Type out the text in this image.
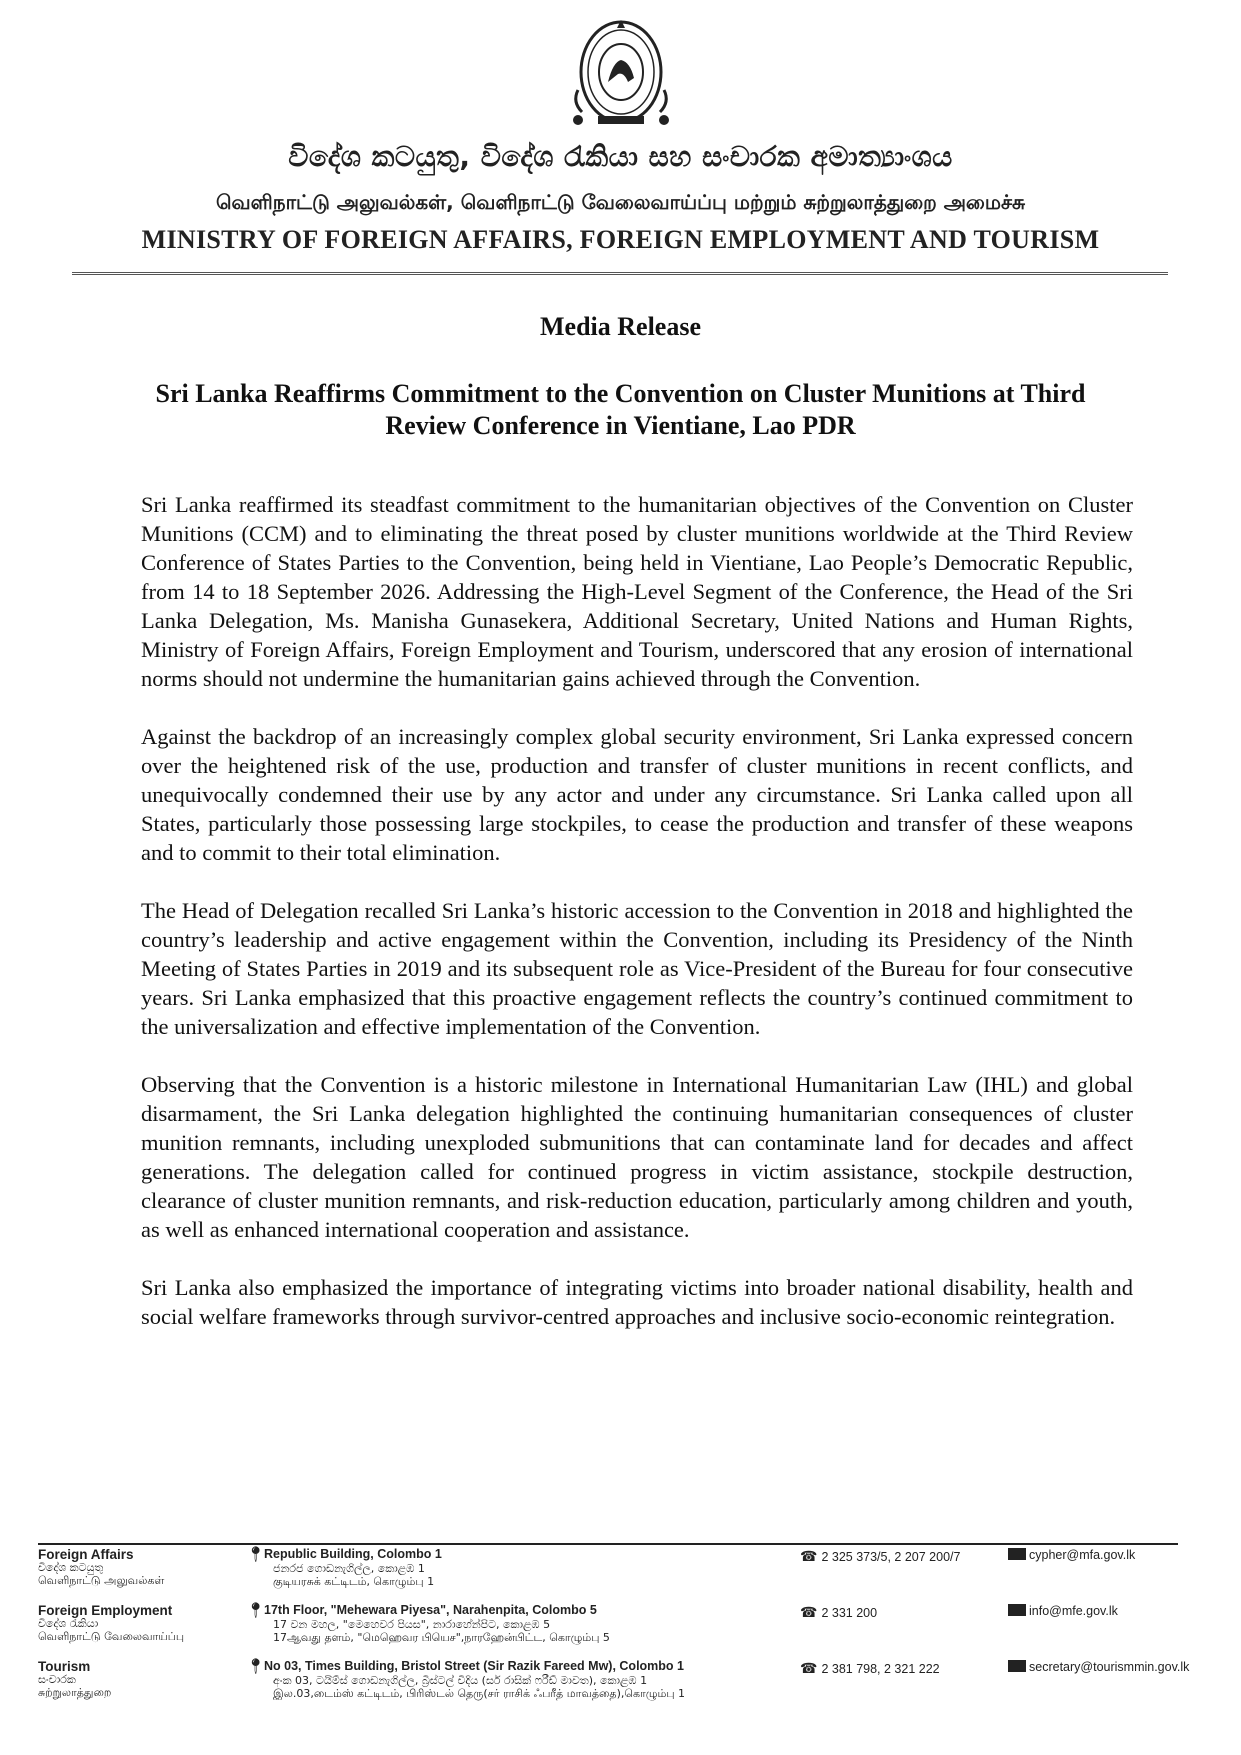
විදේශ කටයුතු, විදේශ රැකියා සහ සංචාරක අමාත්‍යාංශය
வெளிநாட்டு அலுவல்கள், வெளிநாட்டு வேலைவாய்ப்பு மற்றும் சுற்றுலாத்துறை அமைச்சு
MINISTRY OF FOREIGN AFFAIRS, FOREIGN EMPLOYMENT AND TOURISM
Media Release
Sri Lanka Reaffirms Commitment to the Convention on Cluster Munitions at Third Review Conference in Vientiane, Lao PDR

Sri Lanka reaffirmed its steadfast commitment to the humanitarian objectives of the Convention on Cluster Munitions (CCM) and to eliminating the threat posed by cluster munitions worldwide at the Third Review Conference of States Parties to the Convention, being held in Vientiane, Lao People’s Democratic Republic, from 14 to 18 September 2026. Addressing the High-Level Segment of the Conference, the Head of the Sri Lanka Delegation, Ms. Manisha Gunasekera, Additional Secretary, United Nations and Human Rights, Ministry of Foreign Affairs, Foreign Employment and Tourism, underscored that any erosion of international norms should not undermine the humanitarian gains achieved through the Convention.

Against the backdrop of an increasingly complex global security environment, Sri Lanka expressed concern over the heightened risk of the use, production and transfer of cluster munitions in recent conflicts, and unequivocally condemned their use by any actor and under any circumstance. Sri Lanka called upon all States, particularly those possessing large stockpiles, to cease the production and transfer of these weapons and to commit to their total elimination.

The Head of Delegation recalled Sri Lanka’s historic accession to the Convention in 2018 and highlighted the country’s leadership and active engagement within the Convention, including its Presidency of the Ninth Meeting of States Parties in 2019 and its subsequent role as Vice-President of the Bureau for four consecutive years. Sri Lanka emphasized that this proactive engagement reflects the country’s continued commitment to the universalization and effective implementation of the Convention.

Observing that the Convention is a historic milestone in International Humanitarian Law (IHL) and global disarmament, the Sri Lanka delegation highlighted the continuing humanitarian consequences of cluster munition remnants, including unexploded submunitions that can contaminate land for decades and affect generations. The delegation called for continued progress in victim assistance, stockpile destruction, clearance of cluster munition remnants, and risk-reduction education, particularly among children and youth, as well as enhanced international cooperation and assistance.

Sri Lanka also emphasized the importance of integrating victims into broader national disability, health and social welfare frameworks through survivor-centred approaches and inclusive socio-economic reintegration.

Foreign Affairs
විදේශ කටයුතු
வெளிநாட்டு அலுவல்கள்
📍︎
Republic Building, Colombo 1
ජනරජ ගොඩනැගිල්ල, කොළඹ 1
குடியரசுக் கட்டிடம், கொழும்பு 1
☎ 2 325 373/5, 2 207 200/7	cypher@mfa.gov.lk
Foreign Employment
විදේශ රැකියා
வெளிநாட்டு வேலைவாய்ப்பு
📍︎
17th Floor, "Mehewara Piyesa", Narahenpita, Colombo 5
17 වන මහල, "මෙහෙවර පියස", නාරාහේන්පිට, කොළඹ 5
17ஆவது தளம், "மெஹெவர பியெச",நாரஹேன்பிட்ட, கொழும்பு 5
☎ 2 331 200	info@mfe.gov.lk
Tourism
සංචාරක
சுற்றுலாத்துறை
📍︎
No 03, Times Building, Bristol Street (Sir Razik Fareed Mw), Colombo 1
අංක 03, ටයිම්ස් ගොඩනැගිල්ල, බ්‍රිස්ටල් වීදිය (සර් රාසික් ෆරීඩ් මාවත), කොළඹ 1
இல.03,டைம்ஸ் கட்டிடம், பிரிஸ்டல் தெரு(சர் ராசிக் ஃபரீத் மாவத்தை),கொழும்பு 1
☎ 2 381 798, 2 321 222	secretary@tourismmin.gov.lk
